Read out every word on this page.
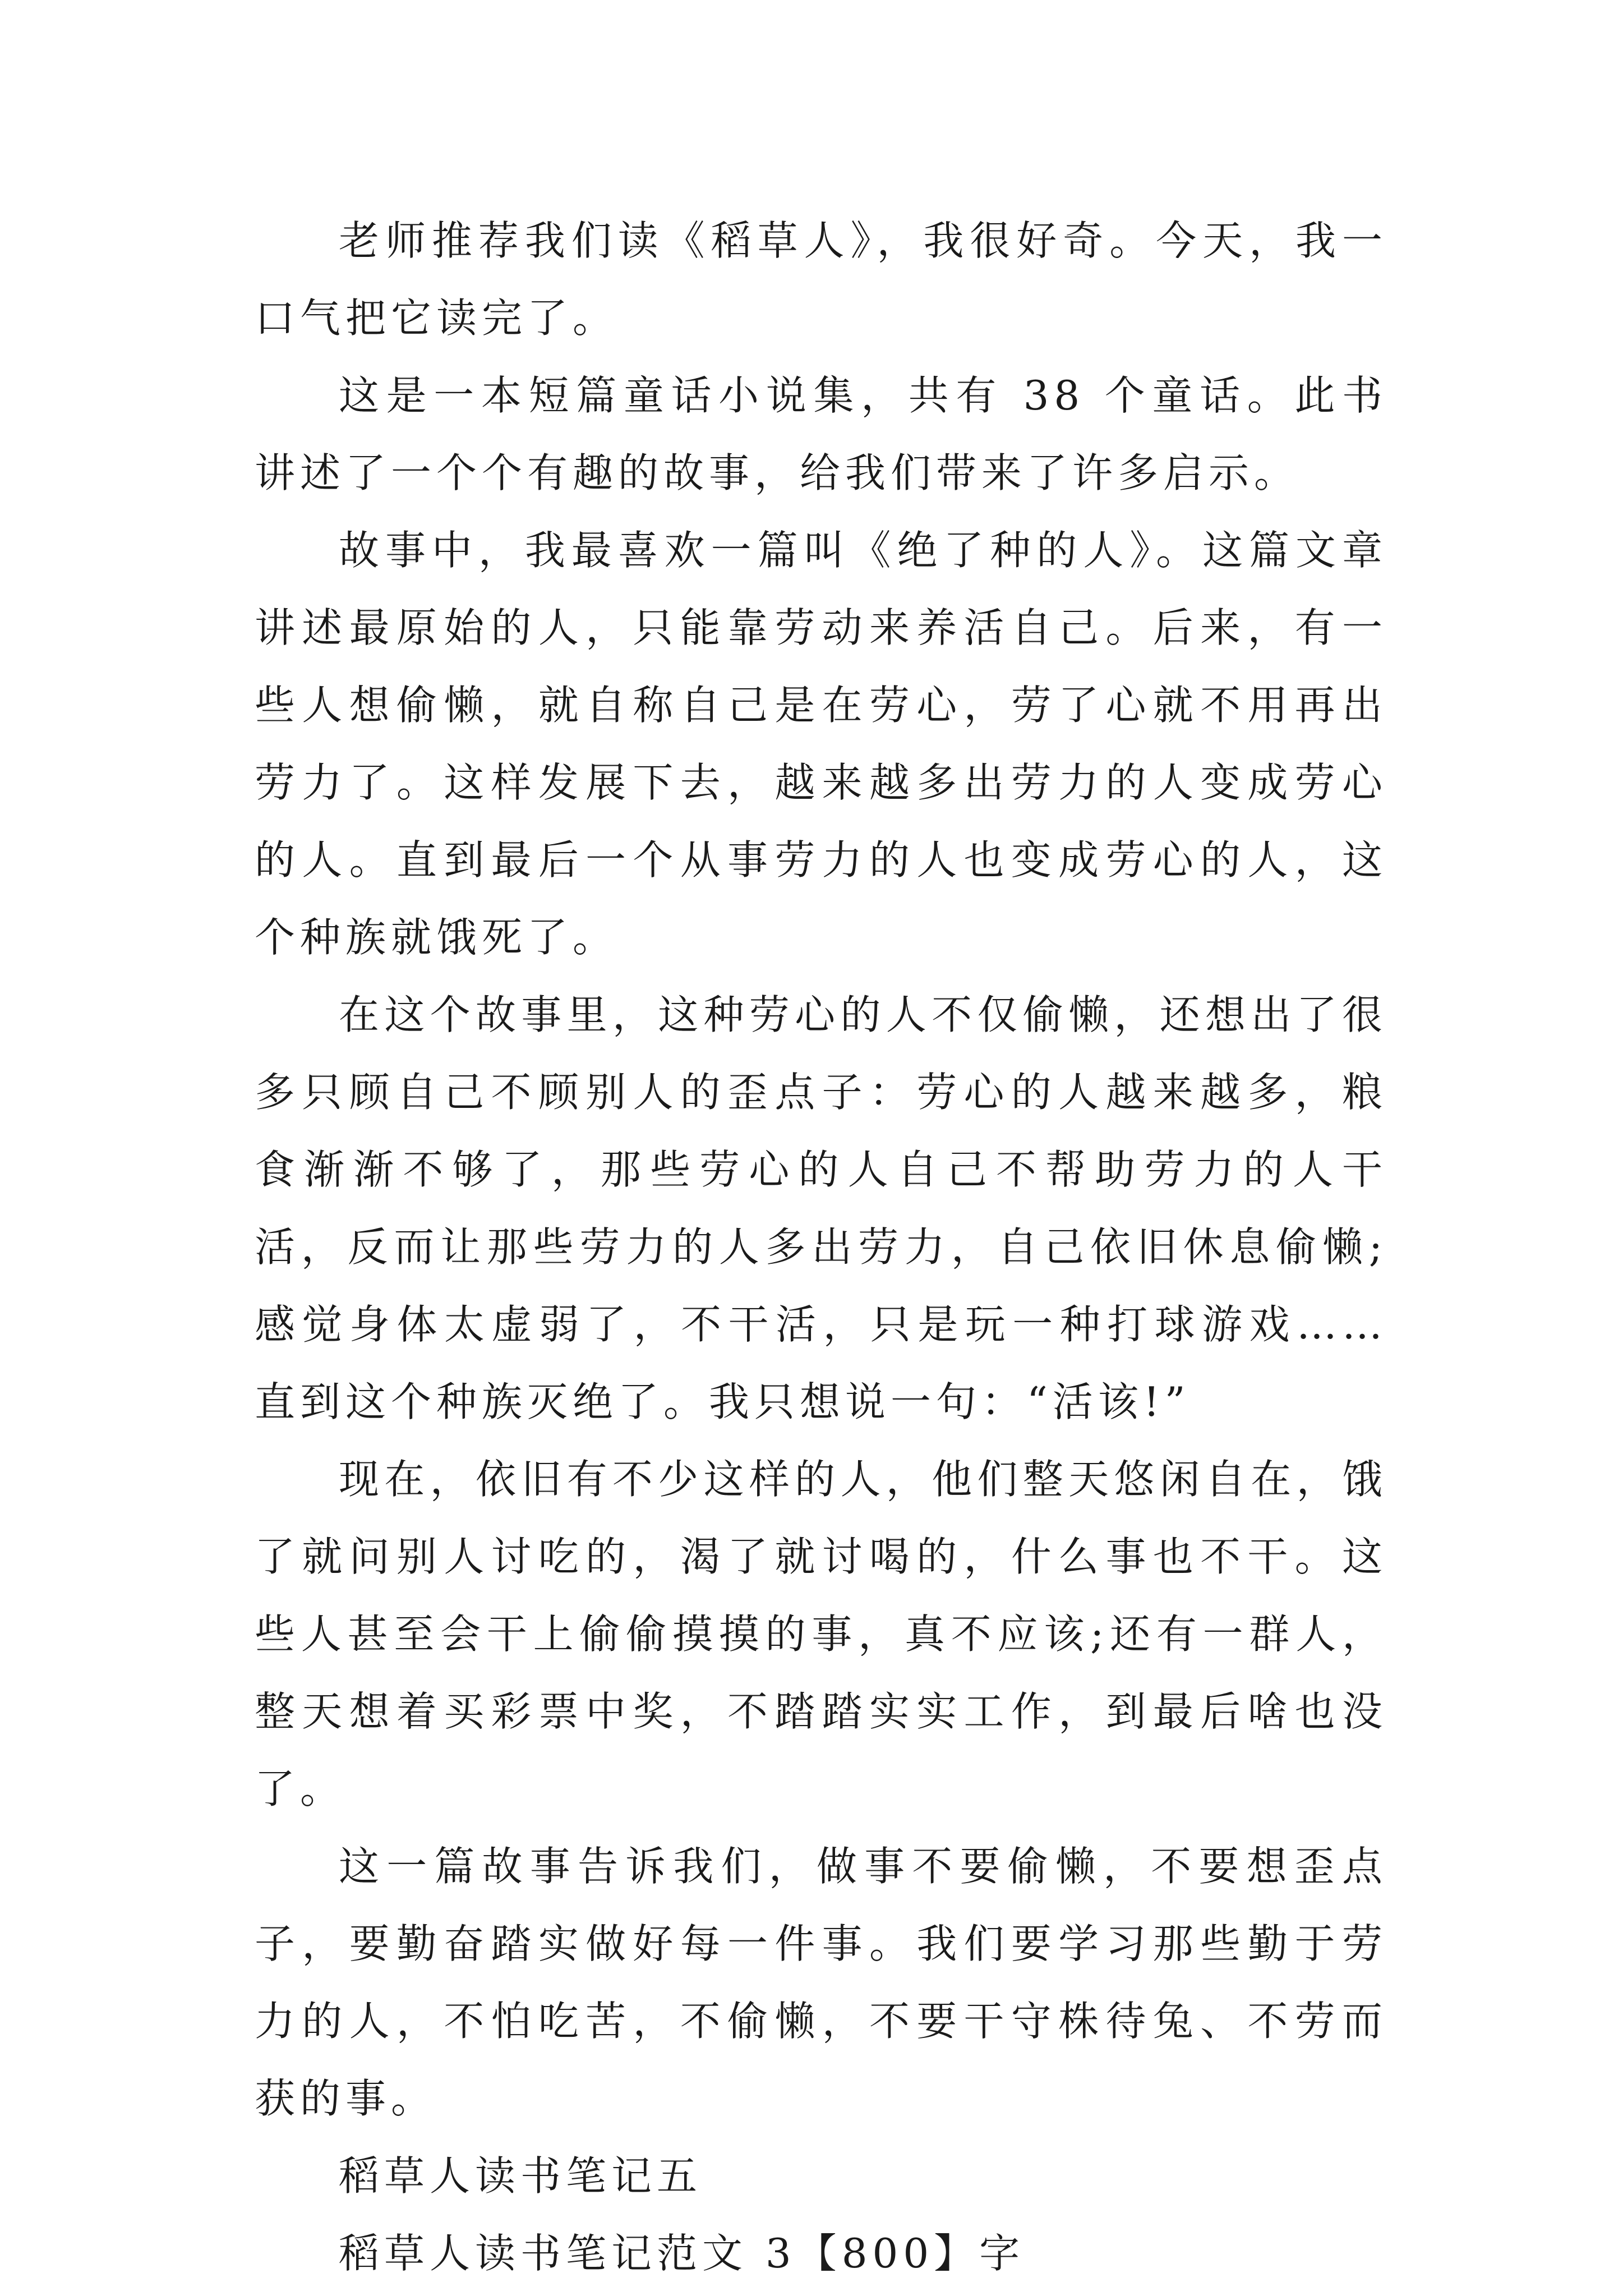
老师推荐我们读《稻草人》，我很好奇。今天，我一口气把它读完了。

这是一本短篇童话小说集，共有 38 个童话。此书讲述了一个个有趣的故事，给我们带来了许多启示。

故事中，我最喜欢一篇叫《绝了种的人》。这篇文章讲述最原始的人，只能靠劳动来养活自己。后来，有一些人想偷懒，就自称自己是在劳心，劳了心就不用再出劳力了。这样发展下去，越来越多出劳力的人变成劳心的人。直到最后一个从事劳力的人也变成劳心的人，这个种族就饿死了。

在这个故事里，这种劳心的人不仅偷懒，还想出了很多只顾自己不顾别人的歪点子：劳心的人越来越多，粮食渐渐不够了，那些劳心的人自己不帮助劳力的人干活，反而让那些劳力的人多出劳力，自己依旧休息偷懒;感觉身体太虚弱了，不干活，只是玩一种打球游戏……直到这个种族灭绝了。我只想说一句：“活该!”

现在，依旧有不少这样的人，他们整天悠闲自在，饿了就问别人讨吃的，渴了就讨喝的，什么事也不干。这些人甚至会干上偷偷摸摸的事，真不应该;还有一群人，整天想着买彩票中奖，不踏踏实实工作，到最后啥也没了。

这一篇故事告诉我们，做事不要偷懒，不要想歪点子，要勤奋踏实做好每一件事。我们要学习那些勤于劳力的人，不怕吃苦，不偷懒，不要干守株待兔、不劳而获的事。

稻草人读书笔记五

稻草人读书笔记范文 3【800】字
